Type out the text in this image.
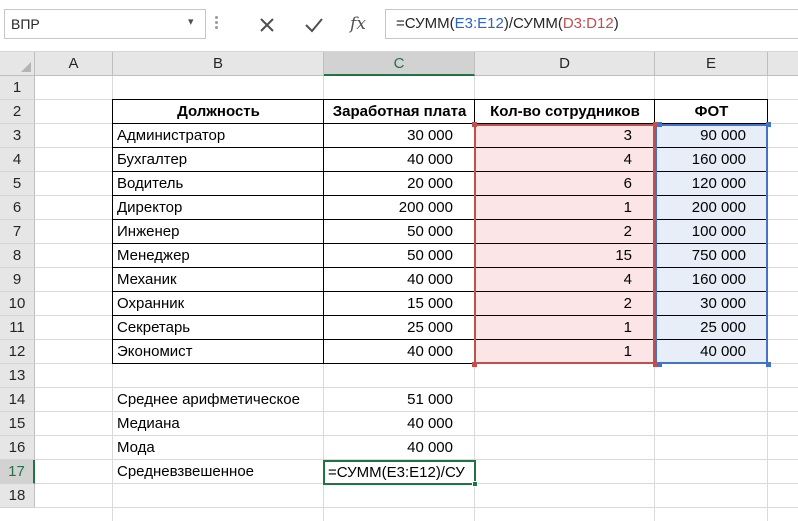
ВПР	▾	fx	=СУММ(E3:E12)/СУММ(D3:D12)
A	B	C	D	E
1
2
3
4
5
6
7
8
9
10
11
12
13
14
15
16
17
18
Должность	Заработная плата	Кол-во сотрудников	ФОТ
Администратор	30 000	3	90 000
Бухгалтер	40 000	4	160 000
Водитель	20 000	6	120 000
Директор	200 000	1	200 000
Инженер	50 000	2	100 000
Менеджер	50 000	15	750 000
Механик	40 000	4	160 000
Охранник	15 000	2	30 000
Секретарь	25 000	1	25 000
Экономист	40 000	1	40 000
Среднее арифметическое	51 000
Медиана	40 000
Мода	40 000
Средневзвешенное	=СУММ(E3:E12)/СУ
